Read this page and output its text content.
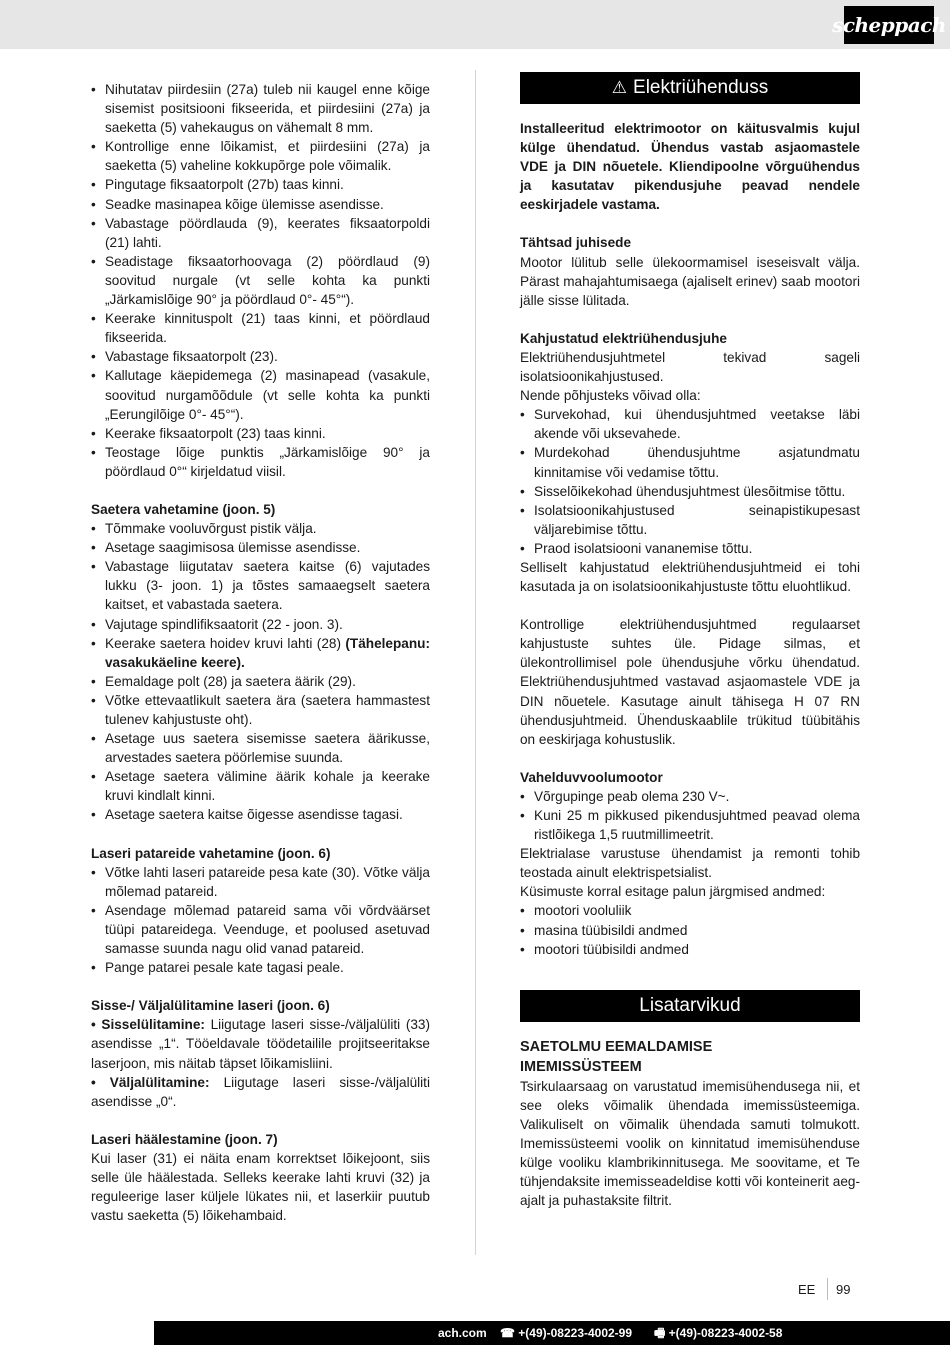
scheppach
• Nihutatav piirdesiin (27a) tuleb nii kaugel enne kõige sisemist positsiooni fikseerida, et piirdesiini (27a) ja saeketta (5) vahekaugus on vähemalt 8 mm.
• Kontrollige enne lõikamist, et piirdesiini (27a) ja saeketta (5) vaheline kokkupõrge pole võimalik.
• Pingutage fiksaatorpolt (27b) taas kinni.
• Seadke masinapea kõige ülemisse asendisse.
• Vabastage pöördlauda (9), keerates fiksaatorpoldi (21) lahti.
• Seadistage fiksaatorhoovaga (2) pöördlaud (9) soovitud nurgale (vt selle kohta ka punkti „Järkamislõige 90° ja pöördlaud 0°- 45°“).
• Keerake kinnituspolt (21) taas kinni, et pöördlaud fikseerida.
• Vabastage fiksaatorpolt (23).
• Kallutage käepidemega (2) masinapead (vasakule, soovitud nurgamõõdule (vt selle kohta ka punkti „Eerungilõige 0°- 45°“).
• Keerake fiksaatorpolt (23) taas kinni.
• Teostage lõige punktis „Järkamislõige 90° ja pöördlaud 0°“ kirjeldatud viisil.

Saetera vahetamine (joon. 5)

• Tõmmake vooluvõrgust pistik välja.
• Asetage saagimisosa ülemisse asendisse.
• Vabastage liigutatav saetera kaitse (6) vajutades lukku (3- joon. 1) ja tõstes samaaegselt saetera kaitset, et vabastada saetera.
• Vajutage spindlifiksaatorit (22 - joon. 3).
• Keerake saetera hoidev kruvi lahti (28) (Tähelepanu: vasakukäeline keere).
• Eemaldage polt (28) ja saetera äärik (29).
• Võtke ettevaatlikult saetera ära (saetera hammastest tulenev kahjustuste oht).
• Asetage uus saetera sisemisse saetera äärikusse, arvestades saetera pöörlemise suunda.
• Asetage saetera välimine äärik kohale ja keerake kruvi kindlalt kinni.
• Asetage saetera kaitse õigesse asendisse tagasi.

Laseri patareide vahetamine (joon. 6)

• Võtke lahti laseri patareide pesa kate (30). Võtke välja mõlemad patareid.
• Asendage mõlemad patareid sama või võrdväärset tüüpi patareidega. Veenduge, et poolused asetuvad samasse suunda nagu olid vanad patareid.
• Pange patarei pesale kate tagasi peale.

Sisse-/ Väljalülitamine laseri (joon. 6)

• Sisselülitamine: Liigutage laseri sisse-/väljalüliti (33) asendisse „1“. Tööeldavale töödetailile projitseeritakse laserjoon, mis näitab täpset lõikamisliini.

• Väljalülitamine: Liigutage laseri sisse-/väljalüliti asendisse „0“.

Laseri häälestamine (joon. 7)

Kui laser (31) ei näita enam korrektset lõikejoont, siis selle üle häälestada. Selleks keerake lahti kruvi (32) ja reguleerige laser küljele lükates nii, et laserkiir puutub vastu saeketta (5) lõikehambaid.

⚠ Elektriühenduss

Installeeritud elektrimootor on käitusvalmis kujul külge ühendatud. Ühendus vastab asjaomastele VDE ja DIN nõuetele. Kliendipoolne võrguühendus ja kasutatav pikendusjuhe peavad nendele eeskirjadele vastama.

Tähtsad juhisede

Mootor lülitub selle ülekoormamisel iseseisvalt välja. Pärast mahajahtumisaega (ajaliselt erinev) saab mootori jälle sisse lülitada.

Kahjustatud elektriühendusjuhe

Elektriühendusjuhtmetel tekivad sageli isolatsioonikahjustused.

Nende põhjusteks võivad olla:

• Survekohad, kui ühendusjuhtmed veetakse läbi akende või uksevahede.
• Murdekohad ühendusjuhtme asjatundmatu kinnitamise või vedamise tõttu.
• Sisselõikekohad ühendusjuhtmest ülesõitmise tõttu.
• Isolatsioonikahjustused seinapistikupesast väljarebimise tõttu.
• Praod isolatsiooni vananemise tõttu.

Selliselt kahjustatud elektriühendusjuhtmeid ei tohi kasutada ja on isolatsioonikahjustuste tõttu eluohtlikud.

Kontrollige elektriühendusjuhtmed regulaarset kahjustuste suhtes üle. Pidage silmas, et ülekontrollimisel pole ühendusjuhe võrku ühendatud. Elektriühendusjuhtmed vastavad asjaomastele VDE ja DIN nõuetele. Kasutage ainult tähisega H 07 RN ühendusjuhtmeid. Ühenduskaablile trükitud tüübitähis on eeskirjaga kohustuslik.

Vahelduvvoolumootor

• Võrgupinge peab olema 230 V~.
• Kuni 25 m pikkused pikendusjuhtmed peavad olema ristlõikega 1,5 ruutmillimeetrit.

Elektrialase varustuse ühendamist ja remonti tohib teostada ainult elektrispetsialist.

Küsimuste korral esitage palun järgmised andmed:

• mootori vooluliik
• masina tüübisildi andmed
• mootori tüübisildi andmed
Lisatarvikud
SAETOLMU EEMALDAMISE
IMEMISSÜSTEEM

Tsirkulaarsaag on varustatud imemisühendusega nii, et see oleks võimalik ühendada imemissüsteemiga. Valikuliselt on võimalik ühendada samuti tolmukott. Imemissüsteemi voolik on kinnitatud imemisühenduse külge vooliku klambrikinnitusega. Me soovitame, et Te tühjendaksite imemisseadeldise kotti või konteinerit aeg-ajalt ja puhastaksite filtrit.

EE 99
ach.com ☎ +(49)-08223-4002-99 🖷 +(49)-08223-4002-58
